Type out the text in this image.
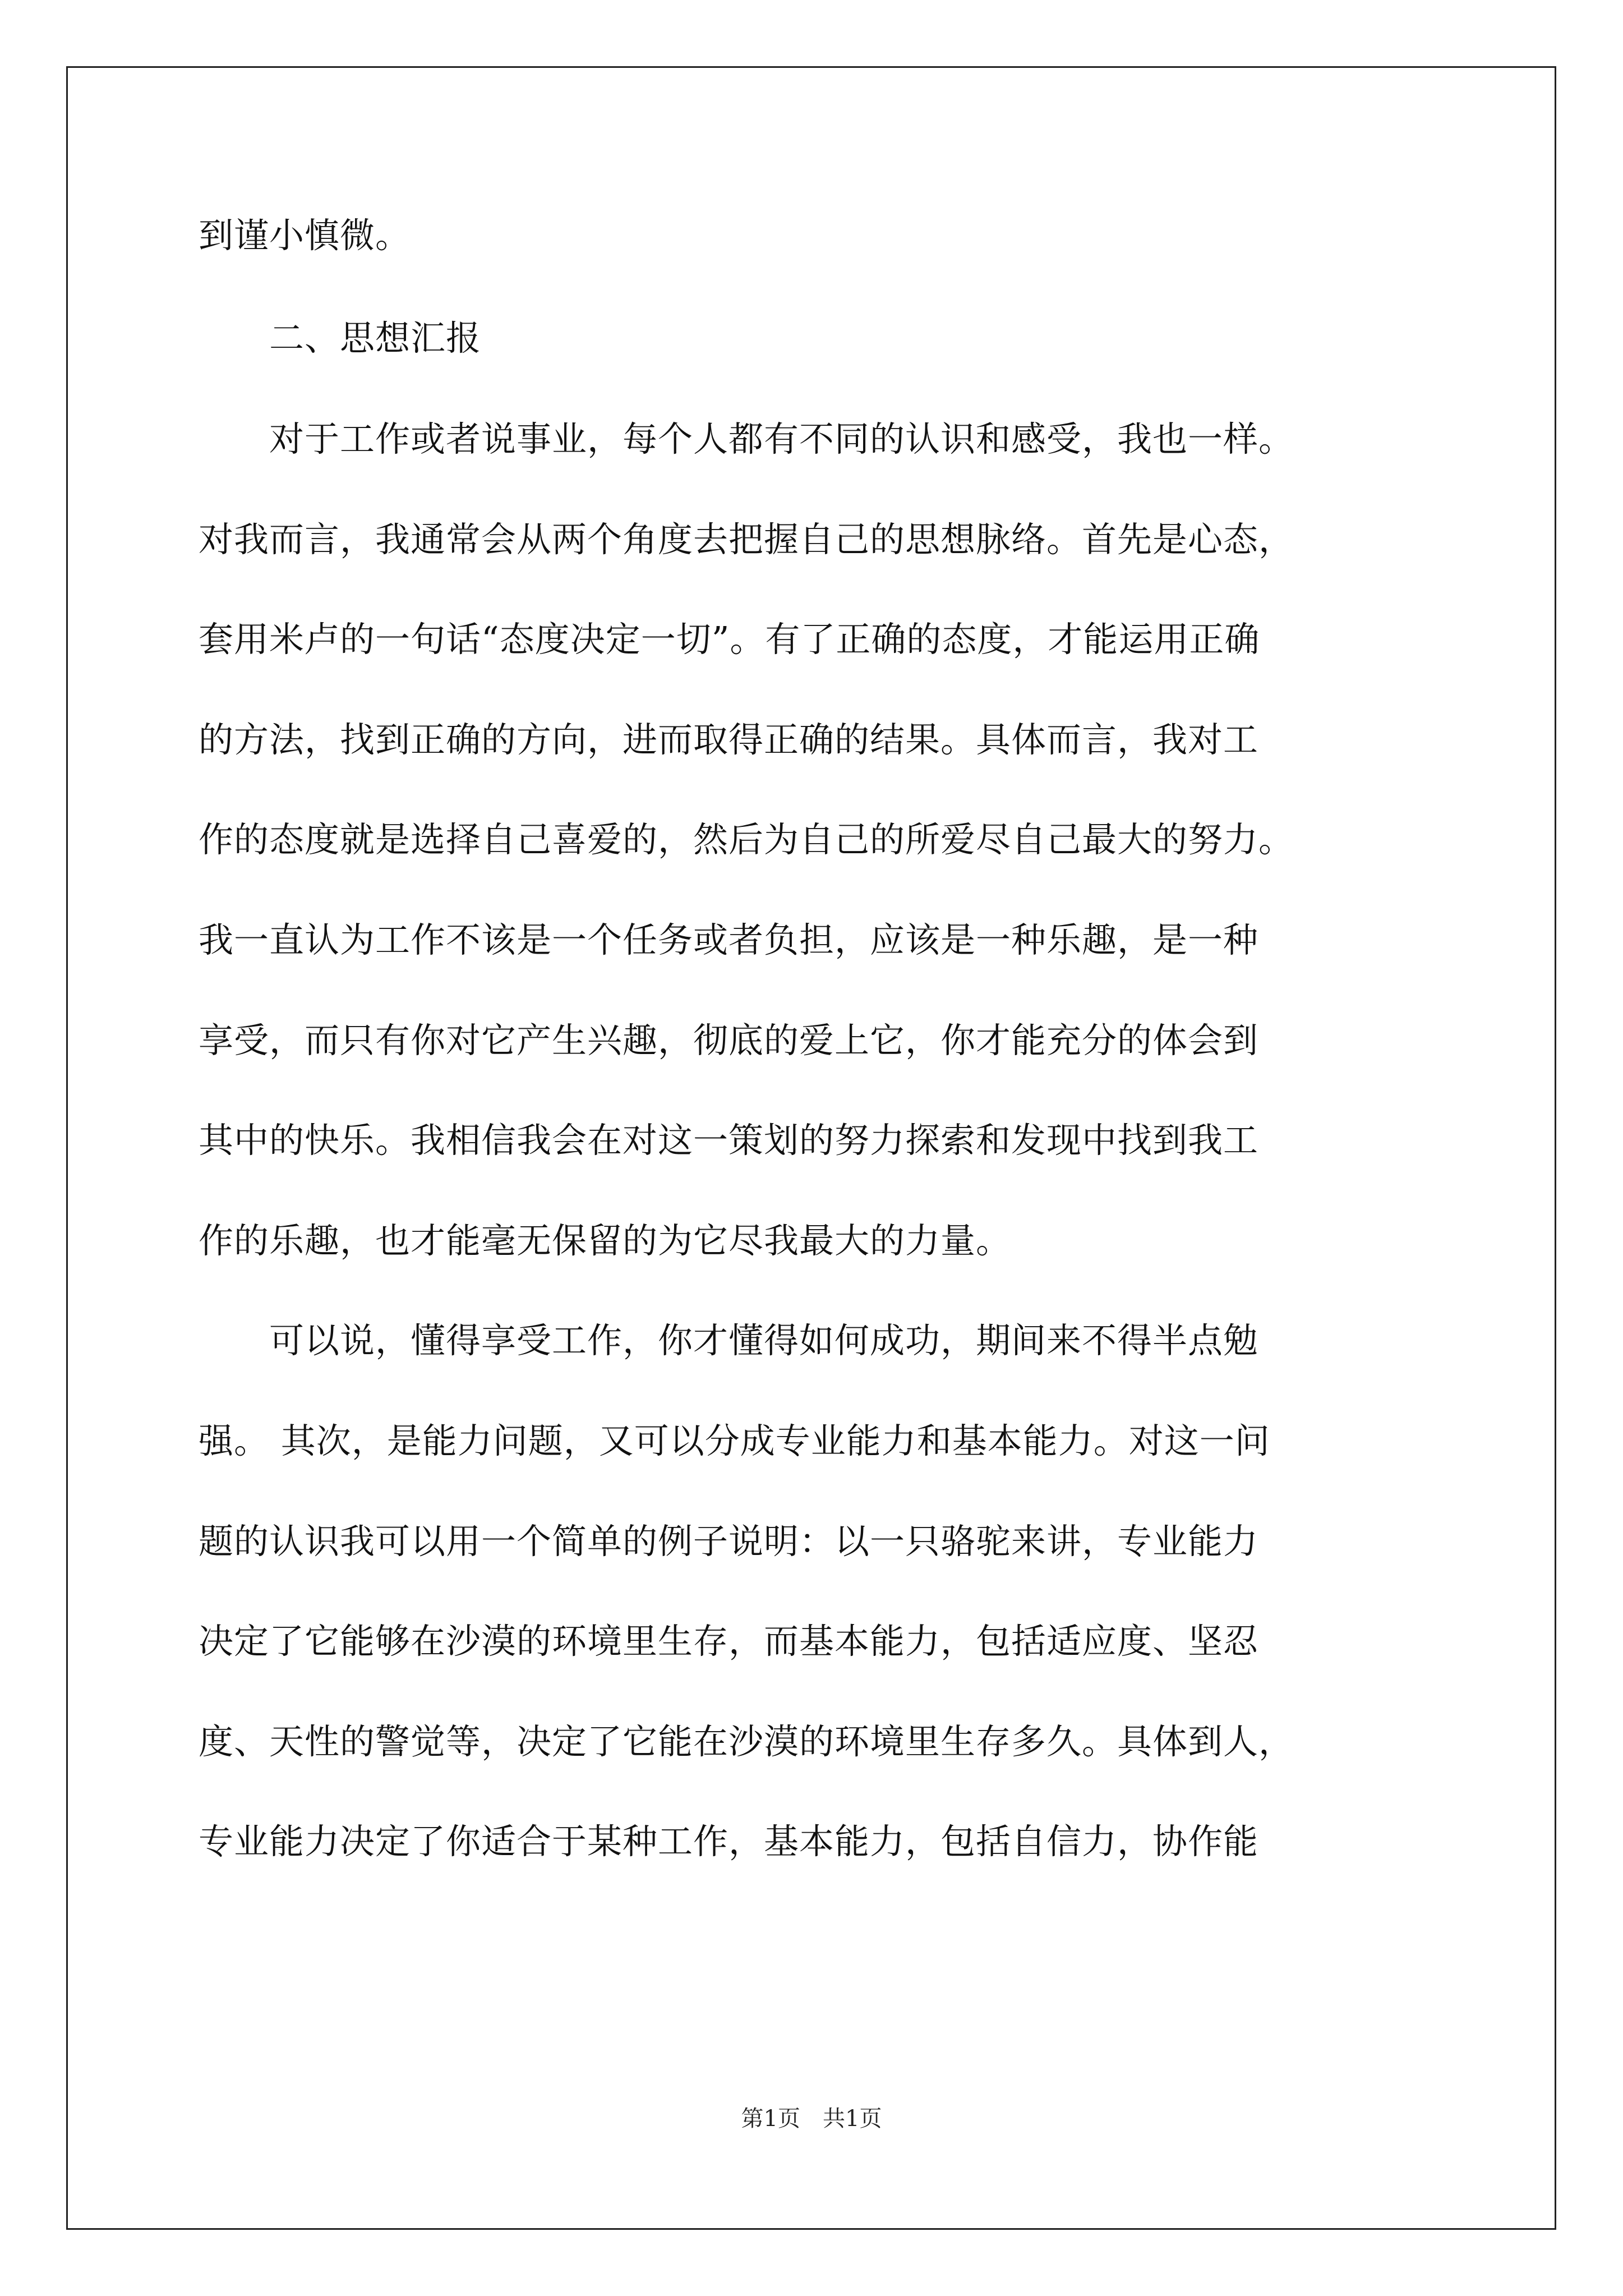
到谨小慎微。
　　二、思想汇报
　　对于工作或者说事业，每个人都有不同的认识和感受，我也一样。
对我而言，我通常会从两个角度去把握自己的思想脉络。首先是心态，
套用米卢的一句话“态度决定一切”。有了正确的态度，才能运用正确
的方法，找到正确的方向，进而取得正确的结果。具体而言，我对工
作的态度就是选择自己喜爱的，然后为自己的所爱尽自己最大的努力。
我一直认为工作不该是一个任务或者负担，应该是一种乐趣，是一种
享受，而只有你对它产生兴趣，彻底的爱上它，你才能充分的体会到
其中的快乐。我相信我会在对这一策划的努力探索和发现中找到我工
作的乐趣，也才能毫无保留的为它尽我最大的力量。
　　可以说，懂得享受工作，你才懂得如何成功，期间来不得半点勉
强。 其次，是能力问题，又可以分成专业能力和基本能力。对这一问
题的认识我可以用一个简单的例子说明：以一只骆驼来讲，专业能力
决定了它能够在沙漠的环境里生存，而基本能力，包括适应度、坚忍
度、天性的警觉等，决定了它能在沙漠的环境里生存多久。具体到人，
专业能力决定了你适合于某种工作，基本能力，包括自信力，协作能
第1页 共1页
